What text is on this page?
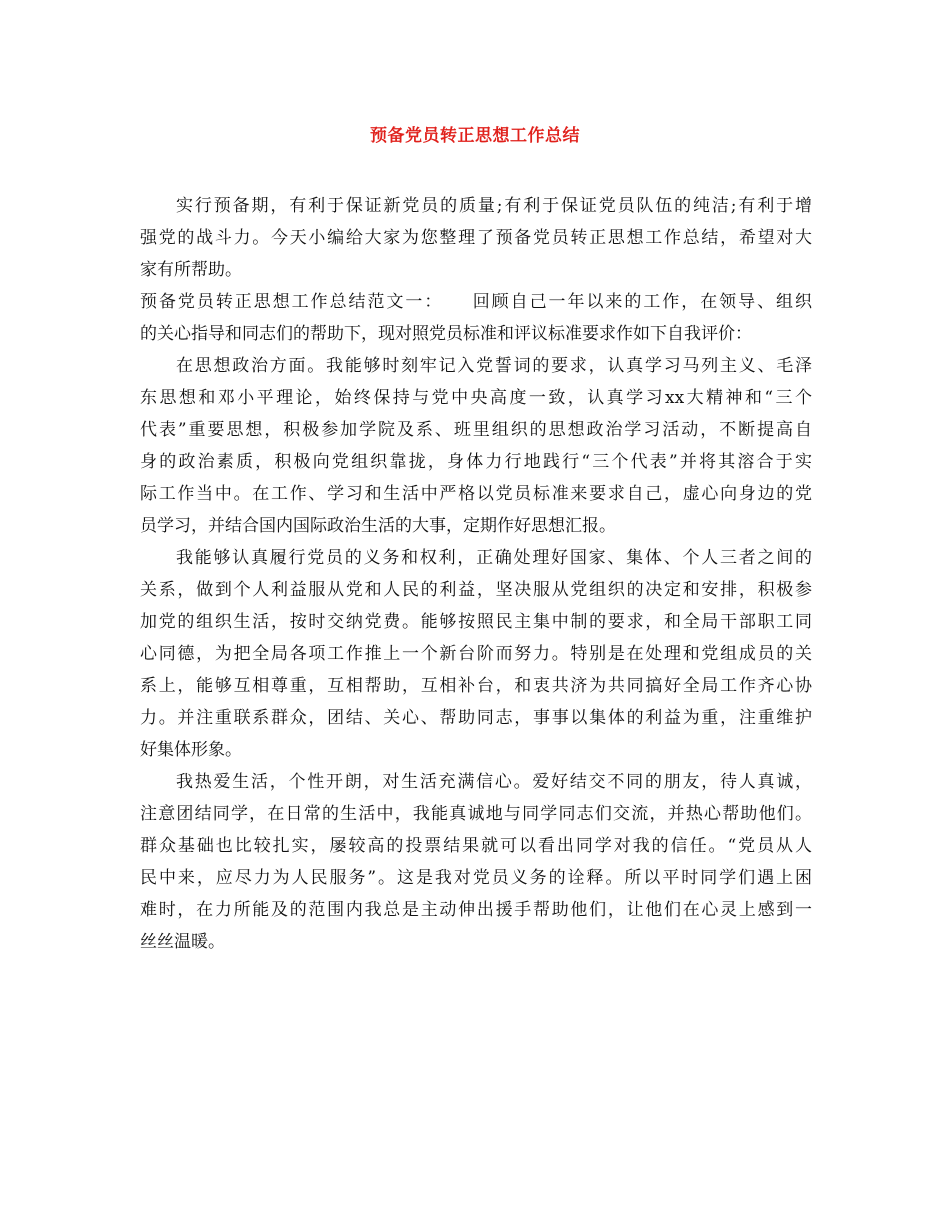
预备党员转正思想工作总结
实行预备期，有利于保证新党员的质量;有利于保证党员队伍的纯洁;有利于增
强党的战斗力。今天小编给大家为您整理了预备党员转正思想工作总结，希望对大
家有所帮助。
预备党员转正思想工作总结范文一：　　回顾自己一年以来的工作，在领导、组织
的关心指导和同志们的帮助下，现对照党员标准和评议标准要求作如下自我评价：
在思想政治方面。我能够时刻牢记入党誓词的要求，认真学习马列主义、毛泽
东思想和邓小平理论，始终保持与党中央高度一致，认真学习xx大精神和“三个
代表”重要思想，积极参加学院及系、班里组织的思想政治学习活动，不断提高自
身的政治素质，积极向党组织靠拢，身体力行地践行“三个代表”并将其溶合于实
际工作当中。在工作、学习和生活中严格以党员标准来要求自己，虚心向身边的党
员学习，并结合国内国际政治生活的大事，定期作好思想汇报。
我能够认真履行党员的义务和权利，正确处理好国家、集体、个人三者之间的
关系，做到个人利益服从党和人民的利益，坚决服从党组织的决定和安排，积极参
加党的组织生活，按时交纳党费。能够按照民主集中制的要求，和全局干部职工同
心同德，为把全局各项工作推上一个新台阶而努力。特别是在处理和党组成员的关
系上，能够互相尊重，互相帮助，互相补台，和衷共济为共同搞好全局工作齐心协
力。并注重联系群众，团结、关心、帮助同志，事事以集体的利益为重，注重维护
好集体形象。
我热爱生活，个性开朗，对生活充满信心。爱好结交不同的朋友，待人真诚，
注意团结同学，在日常的生活中，我能真诚地与同学同志们交流，并热心帮助他们。
群众基础也比较扎实，屡较高的投票结果就可以看出同学对我的信任。“党员从人
民中来，应尽力为人民服务”。这是我对党员义务的诠释。所以平时同学们遇上困
难时，在力所能及的范围内我总是主动伸出援手帮助他们，让他们在心灵上感到一
丝丝温暖。
